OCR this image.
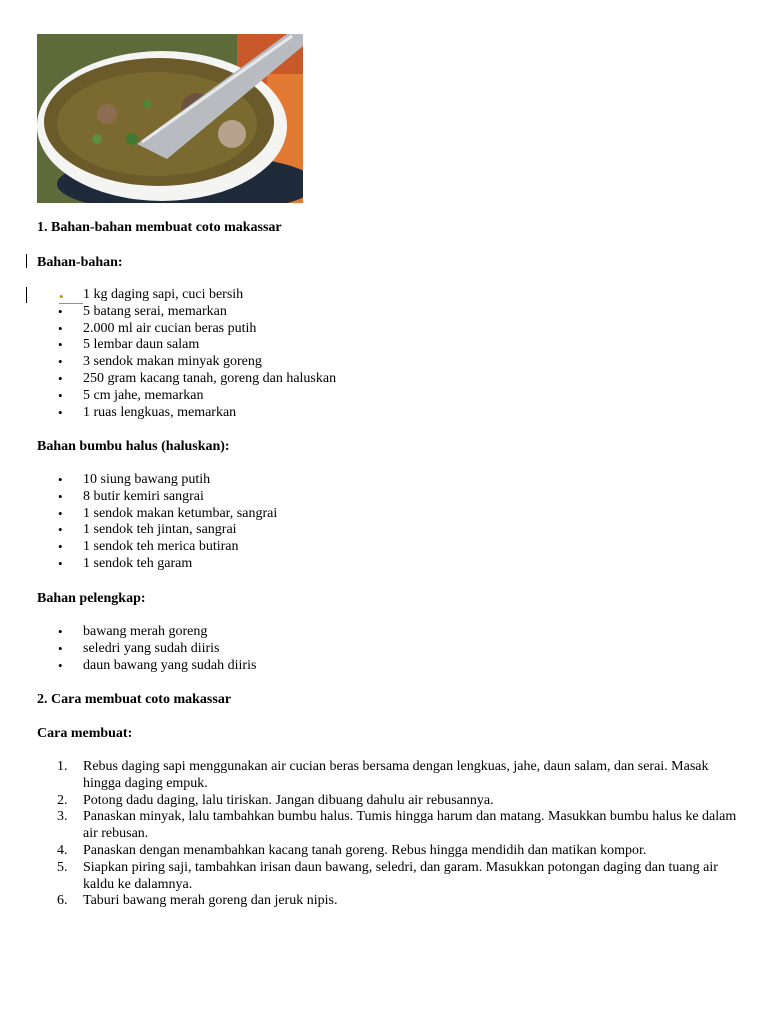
1. Bahan-bahan membuat coto makassar
Bahan-bahan:
•
1 kg daging sapi, cuci bersih
• 5 batang serai, memarkan
• 2.000 ml air cucian beras putih
• 5 lembar daun salam
• 3 sendok makan minyak goreng
• 250 gram kacang tanah, goreng dan haluskan
• 5 cm jahe, memarkan
• 1 ruas lengkuas, memarkan
Bahan bumbu halus (haluskan):
• 10 siung bawang putih
• 8 butir kemiri sangrai
• 1 sendok makan ketumbar, sangrai
• 1 sendok teh jintan, sangrai
• 1 sendok teh merica butiran
• 1 sendok teh garam
Bahan pelengkap:
• bawang merah goreng
• seledri yang sudah diiris
• daun bawang yang sudah diiris
2. Cara membuat coto makassar
Cara membuat:
1. Rebus daging sapi menggunakan air cucian beras bersama dengan lengkuas, jahe, daun salam, dan serai. Masak hingga daging empuk.
2. Potong dadu daging, lalu tiriskan. Jangan dibuang dahulu air rebusannya.
3. Panaskan minyak, lalu tambahkan bumbu halus. Tumis hingga harum dan matang. Masukkan bumbu halus ke dalam air rebusan.
4. Panaskan dengan menambahkan kacang tanah goreng. Rebus hingga mendidih dan matikan kompor.
5. Siapkan piring saji, tambahkan irisan daun bawang, seledri, dan garam. Masukkan potongan daging dan tuang air kaldu ke dalamnya.
6. Taburi bawang merah goreng dan jeruk nipis.
